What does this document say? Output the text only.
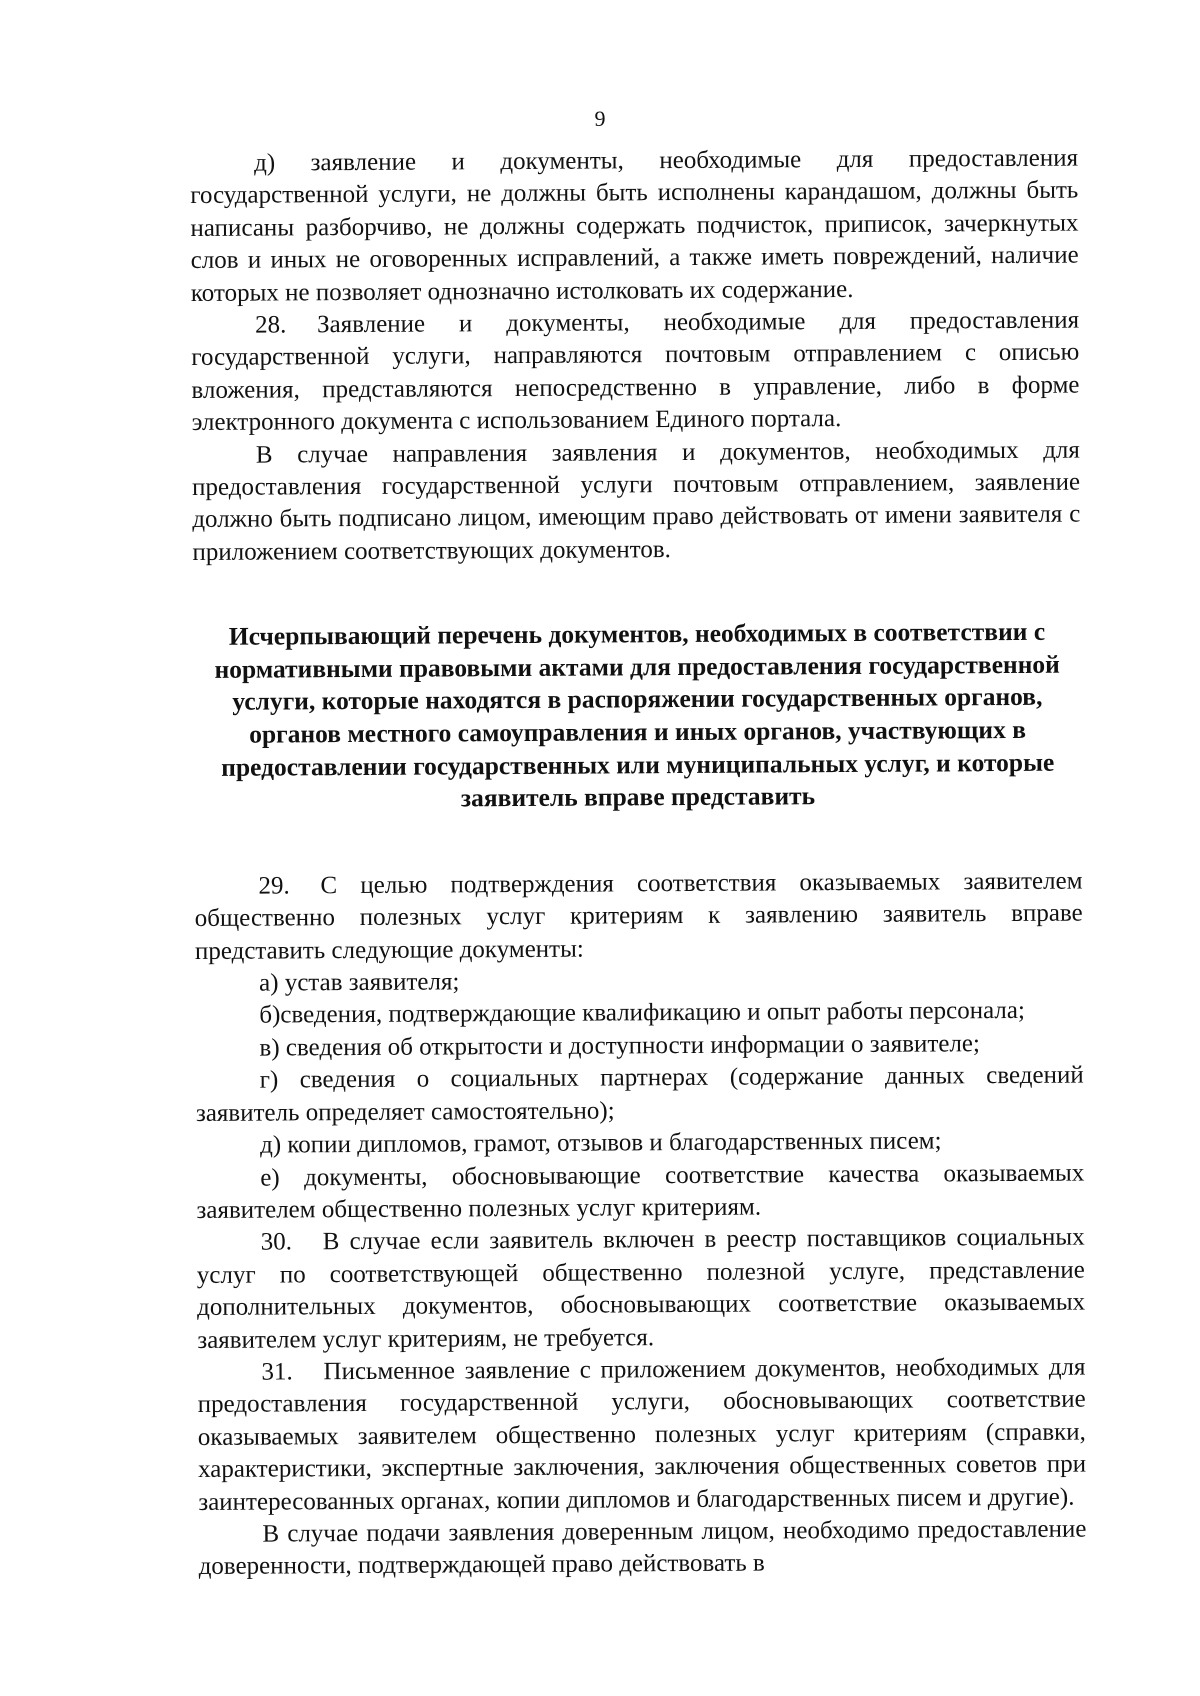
9

д) заявление и документы, необходимые для предоставления государственной услуги, не должны быть исполнены карандашом, должны быть написаны разборчиво, не должны содержать подчисток, приписок, зачеркнутых слов и иных не оговоренных исправлений, а также иметь повреждений, наличие которых не позволяет однозначно истолковать их содержание.

28. Заявление и документы, необходимые для предоставления государственной услуги, направляются почтовым отправлением с описью вложения, представляются непосредственно в управление, либо в форме электронного документа с использованием Единого портала.

В случае направления заявления и документов, необходимых для предоставления государственной услуги почтовым отправлением, заявление должно быть подписано лицом, имеющим право действовать от имени заявителя с приложением соответствующих документов.

Исчерпывающий перечень документов, необходимых в соответствии с нормативными правовыми актами для предоставления государственной услуги, которые находятся в распоряжении государственных органов, органов местного самоуправления и иных органов, участвующих в предоставлении государственных или муниципальных услуг, и которые заявитель вправе представить

29. С целью подтверждения соответствия оказываемых заявителем общественно полезных услуг критериям к заявлению заявитель вправе представить следующие документы:

а) устав заявителя;

б)сведения, подтверждающие квалификацию и опыт работы персонала;

в) сведения об открытости и доступности информации о заявителе;

г) сведения о социальных партнерах (содержание данных сведений заявитель определяет самостоятельно);

д) копии дипломов, грамот, отзывов и благодарственных писем;

е) документы, обосновывающие соответствие качества оказываемых заявителем общественно полезных услуг критериям.

30. В случае если заявитель включен в реестр поставщиков социальных услуг по соответствующей общественно полезной услуге, представление дополнительных документов, обосновывающих соответствие оказываемых заявителем услуг критериям, не требуется.

31. Письменное заявление с приложением документов, необходимых для предоставления государственной услуги, обосновывающих соответствие оказываемых заявителем общественно полезных услуг критериям (справки, характеристики, экспертные заключения, заключения общественных советов при заинтересованных органах, копии дипломов и благодарственных писем и другие).

В случае подачи заявления доверенным лицом, необходимо предоставление доверенности, подтверждающей право действовать в
